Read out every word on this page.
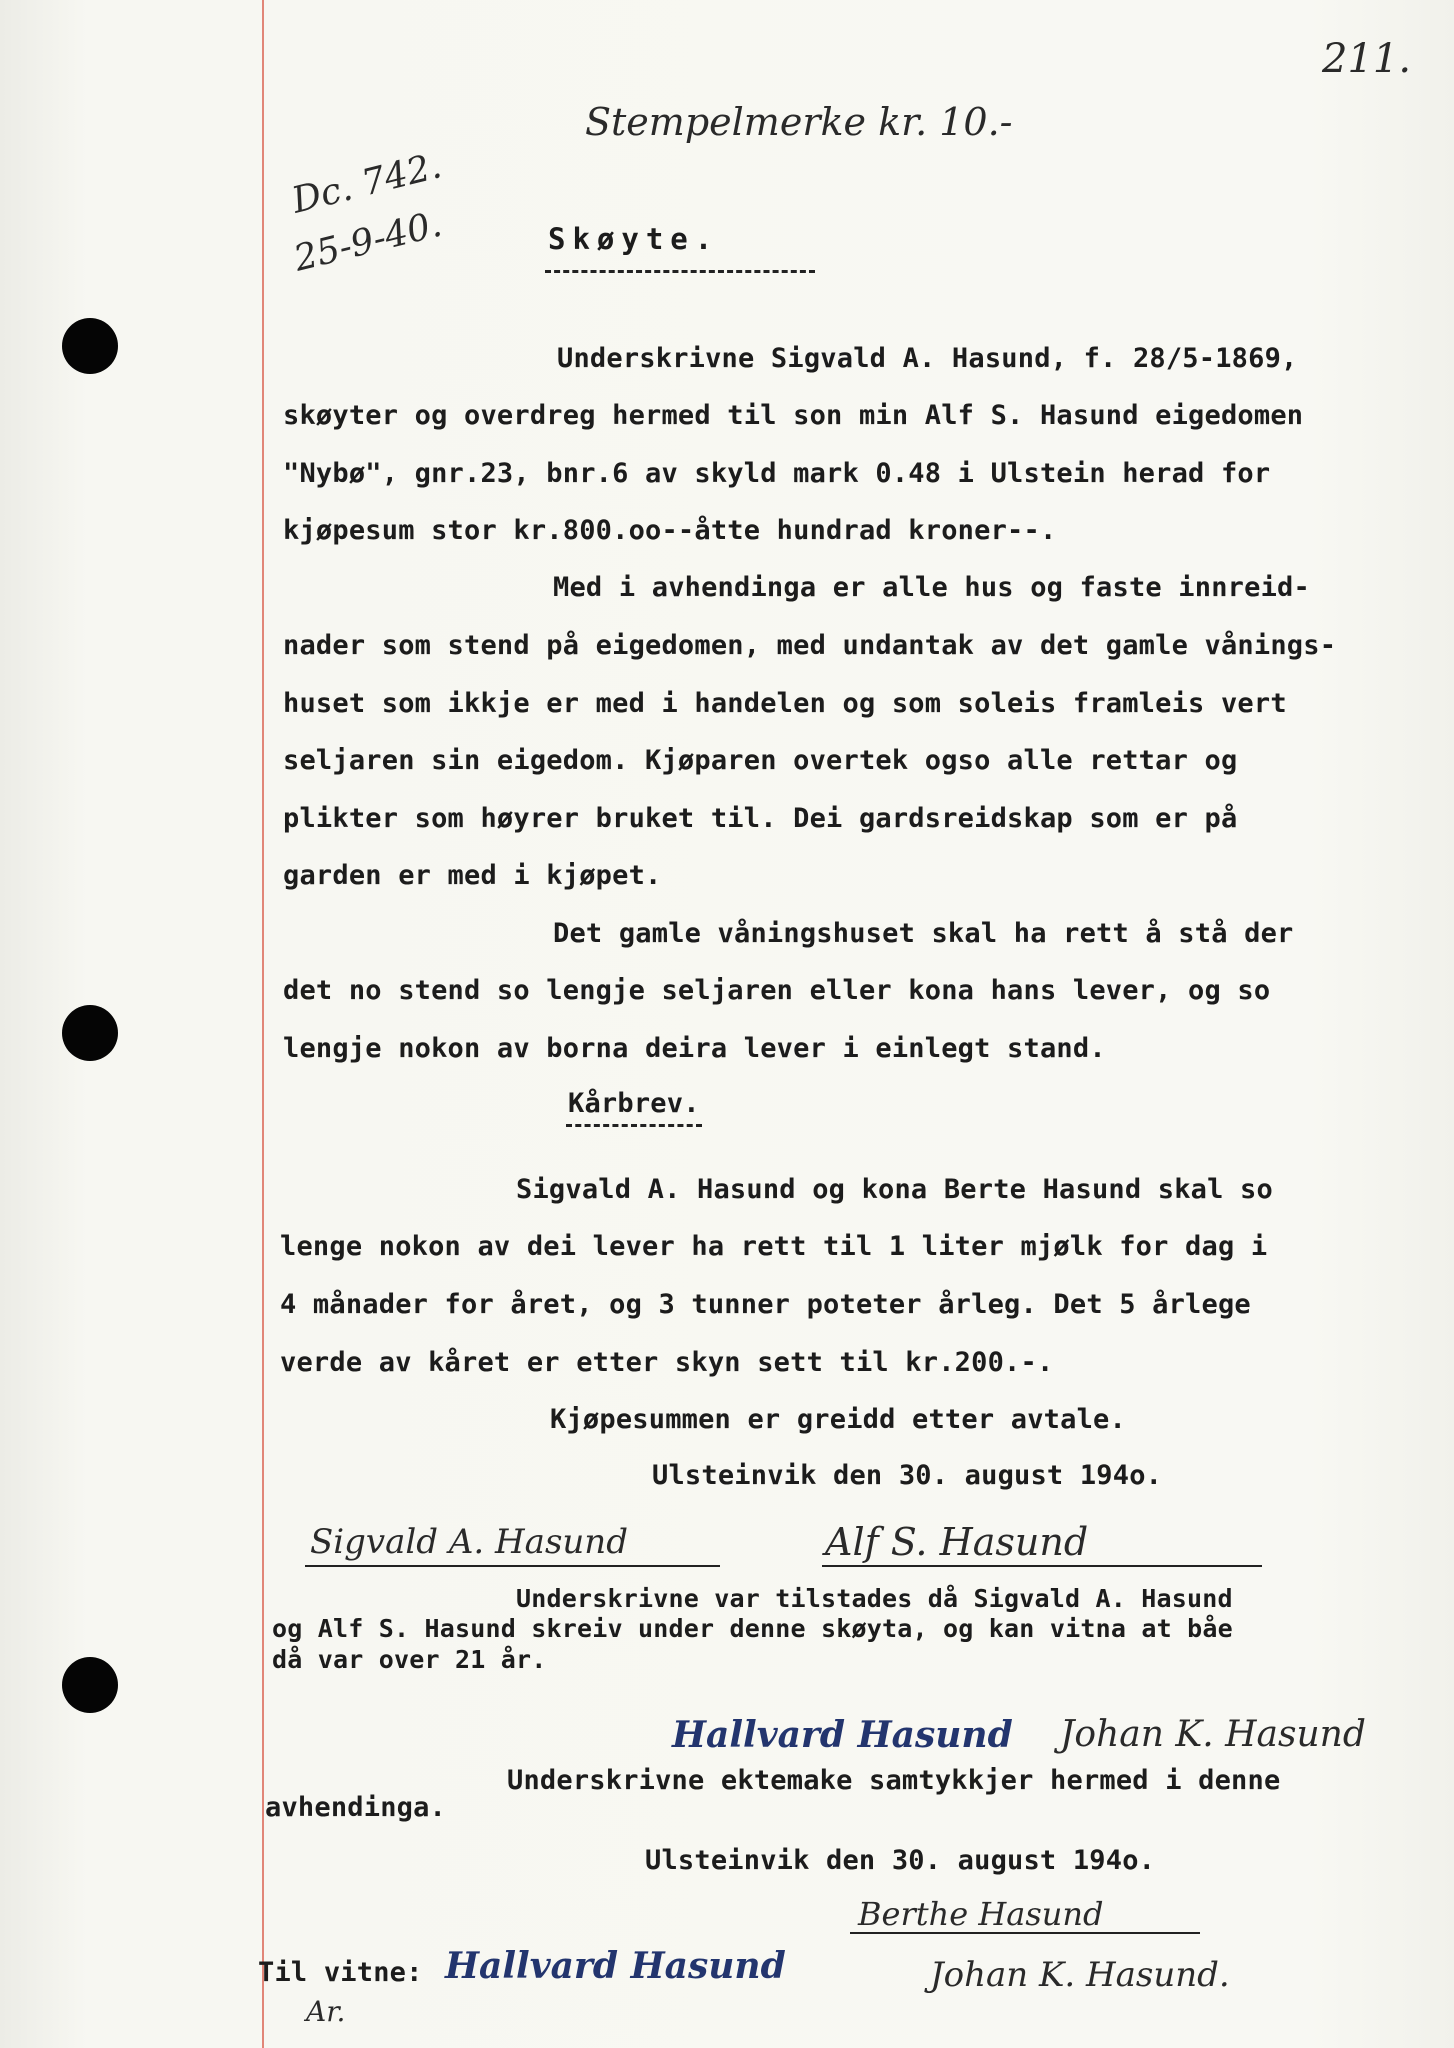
211.
Stempelmerke kr. 10.-
Dc. 742.
25-9-40.	Skøyte.
Underskrivne Sigvald A. Hasund, f. 28/5-1869,
skøyter og overdreg hermed til son min Alf S. Hasund eigedomen
"Nybø", gnr.23, bnr.6 av skyld mark 0.48 i Ulstein herad for
kjøpesum stor kr.800.oo--åtte hundrad kroner--.
Med i avhendinga er alle hus og faste innreid-
nader som stend på eigedomen, med undantak av det gamle vånings-
huset som ikkje er med i handelen og som soleis framleis vert
seljaren sin eigedom. Kjøparen overtek ogso alle rettar og
plikter som høyrer bruket til. Dei gardsreidskap som er på
garden er med i kjøpet.
Det gamle våningshuset skal ha rett å stå der
det no stend so lengje seljaren eller kona hans lever, og so
lengje nokon av borna deira lever i einlegt stand.
Kårbrev.
Sigvald A. Hasund og kona Berte Hasund skal so
lenge nokon av dei lever ha rett til 1 liter mjølk for dag i
4 månader for året, og 3 tunner poteter årleg. Det 5 årlege
verde av kåret er etter skyn sett til kr.200.-.
Kjøpesummen er greidd etter avtale.
Ulsteinvik den 30. august 194o.
Sigvald A. Hasund	Alf S. Hasund
Underskrivne var tilstades då Sigvald A. Hasund
og Alf S. Hasund skreiv under denne skøyta, og kan vitna at båe
då var over 21 år.
Hallvard Hasund Johan K. Hasund
Underskrivne ektemake samtykkjer hermed i denne
avhendinga.
Ulsteinvik den 30. august 194o.
Berthe Hasund
Til vitne: Hallvard Hasund	Johan K. Hasund.
Ar.
